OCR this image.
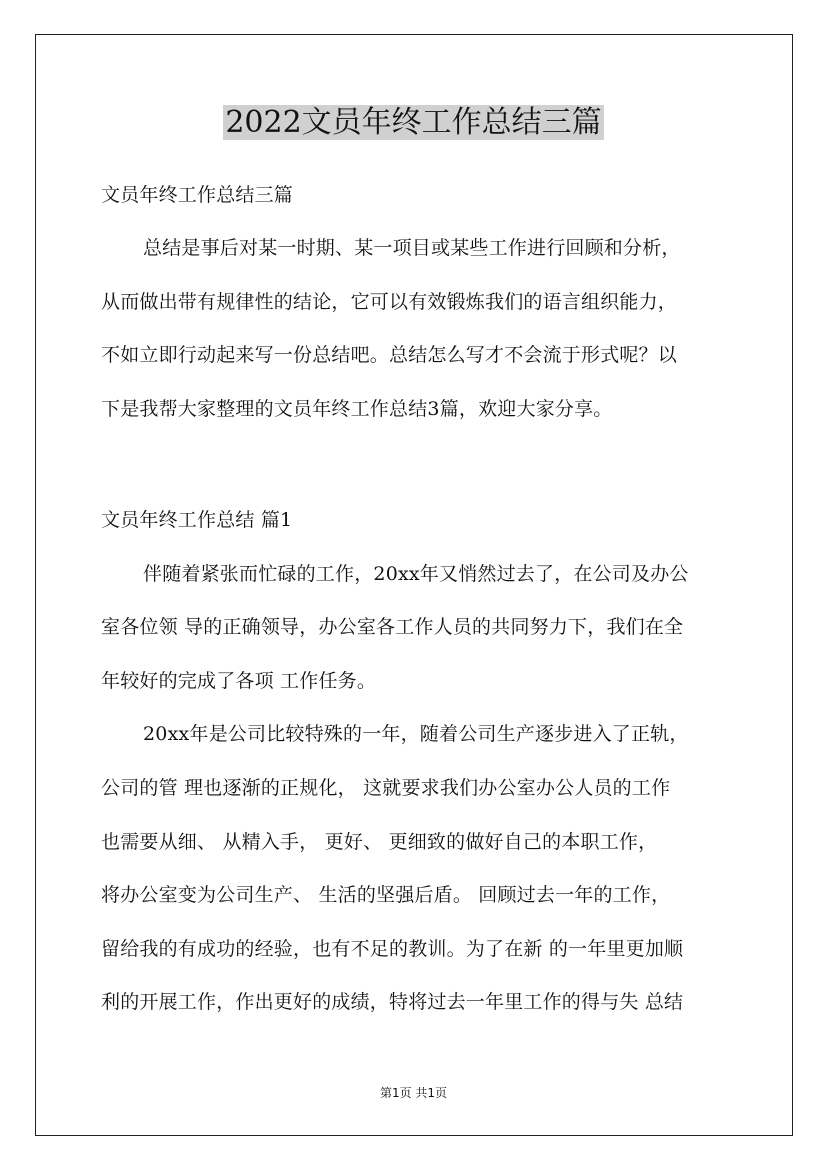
2022文员年终工作总结三篇

文员年终工作总结三篇

总结是事后对某一时期、某一项目或某些工作进行回顾和分析，

从而做出带有规律性的结论，它可以有效锻炼我们的语言组织能力，

不如立即行动起来写一份总结吧。总结怎么写才不会流于形式呢？以

下是我帮大家整理的文员年终工作总结3篇，欢迎大家分享。

文员年终工作总结 篇1

伴随着紧张而忙碌的工作，20xx年又悄然过去了，在公司及办公

室各位领 导的正确领导，办公室各工作人员的共同努力下，我们在全

年较好的完成了各项 工作任务。

20xx年是公司比较特殊的一年，随着公司生产逐步进入了正轨，

公司的管 理也逐渐的正规化， 这就要求我们办公室办公人员的工作

也需要从细、 从精入手， 更好、 更细致的做好自己的本职工作，

将办公室变为公司生产、 生活的坚强后盾。 回顾过去一年的工作，

留给我的有成功的经验，也有不足的教训。为了在新 的一年里更加顺

利的开展工作，作出更好的成绩，特将过去一年里工作的得与失 总结

第1页 共1页
